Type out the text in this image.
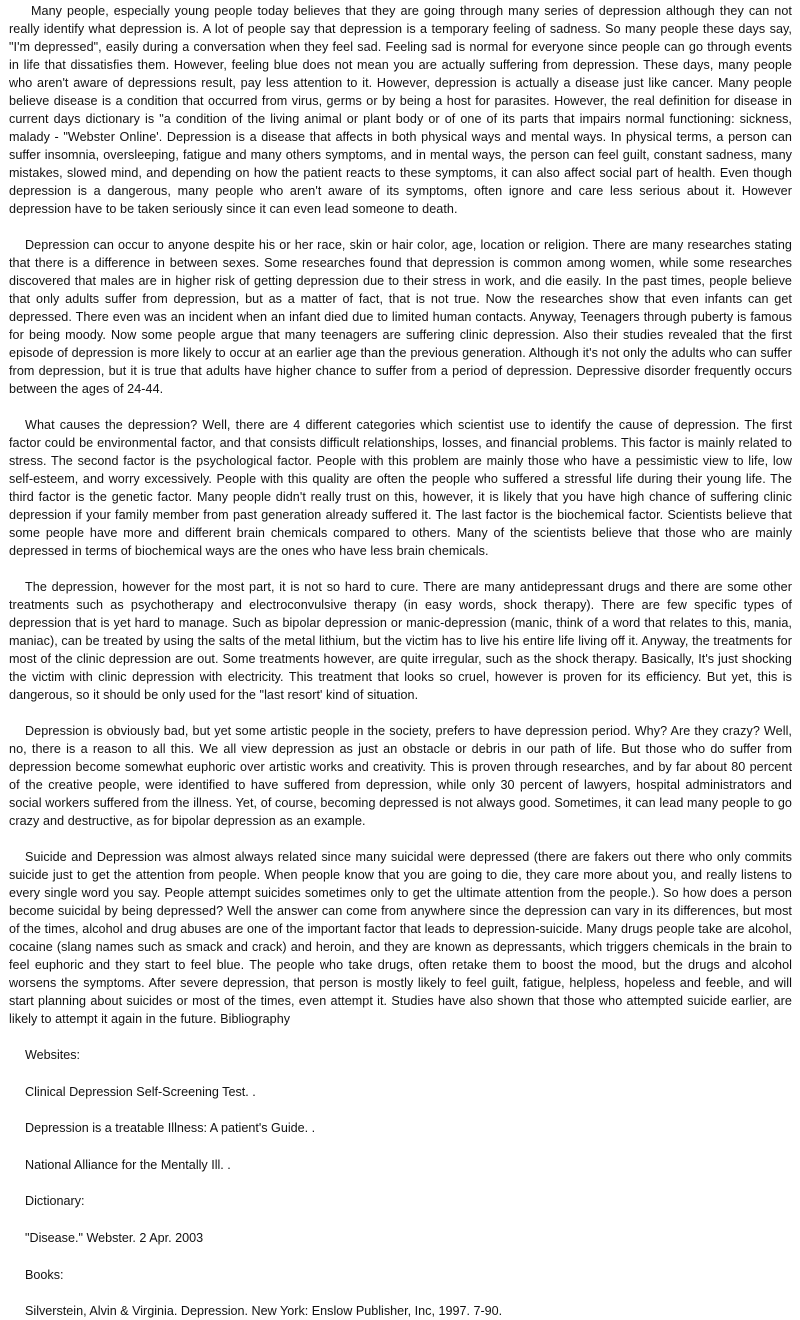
Many people, especially young people today believes that they are going through many series of depression although they can not really identify what depression is. A lot of people say that depression is a temporary feeling of sadness. So many people these days say, "I'm depressed", easily during a conversation when they feel sad. Feeling sad is normal for everyone since people can go through events in life that dissatisfies them. However, feeling blue does not mean you are actually suffering from depression. These days, many people who aren't aware of depressions result, pay less attention to it. However, depression is actually a disease just like cancer. Many people believe disease is a condition that occurred from virus, germs or by being a host for parasites. However, the real definition for disease in current days dictionary is "a condition of the living animal or plant body or of one of its parts that impairs normal functioning: sickness, malady - "Webster Online'. Depression is a disease that affects in both physical ways and mental ways. In physical terms, a person can suffer insomnia, oversleeping, fatigue and many others symptoms, and in mental ways, the person can feel guilt, constant sadness, many mistakes, slowed mind, and depending on how the patient reacts to these symptoms, it can also affect social part of health. Even though depression is a dangerous, many people who aren't aware of its symptoms, often ignore and care less serious about it. However depression have to be taken seriously since it can even lead someone to death.

Depression can occur to anyone despite his or her race, skin or hair color, age, location or religion. There are many researches stating that there is a difference in between sexes. Some researches found that depression is common among women, while some researches discovered that males are in higher risk of getting depression due to their stress in work, and die easily. In the past times, people believe that only adults suffer from depression, but as a matter of fact, that is not true. Now the researches show that even infants can get depressed. There even was an incident when an infant died due to limited human contacts. Anyway, Teenagers through puberty is famous for being moody. Now some people argue that many teenagers are suffering clinic depression. Also their studies revealed that the first episode of depression is more likely to occur at an earlier age than the previous generation. Although it's not only the adults who can suffer from depression, but it is true that adults have higher chance to suffer from a period of depression. Depressive disorder frequently occurs between the ages of 24-44.

What causes the depression? Well, there are 4 different categories which scientist use to identify the cause of depression. The first factor could be environmental factor, and that consists difficult relationships, losses, and financial problems. This factor is mainly related to stress. The second factor is the psychological factor. People with this problem are mainly those who have a pessimistic view to life, low self-esteem, and worry excessively. People with this quality are often the people who suffered a stressful life during their young life. The third factor is the genetic factor. Many people didn't really trust on this, however, it is likely that you have high chance of suffering clinic depression if your family member from past generation already suffered it. The last factor is the biochemical factor. Scientists believe that some people have more and different brain chemicals compared to others. Many of the scientists believe that those who are mainly depressed in terms of biochemical ways are the ones who have less brain chemicals.

The depression, however for the most part, it is not so hard to cure. There are many antidepressant drugs and there are some other treatments such as psychotherapy and electroconvulsive therapy (in easy words, shock therapy). There are few specific types of depression that is yet hard to manage. Such as bipolar depression or manic-depression (manic, think of a word that relates to this, mania, maniac), can be treated by using the salts of the metal lithium, but the victim has to live his entire life living off it. Anyway, the treatments for most of the clinic depression are out. Some treatments however, are quite irregular, such as the shock therapy. Basically, It's just shocking the victim with clinic depression with electricity. This treatment that looks so cruel, however is proven for its efficiency. But yet, this is dangerous, so it should be only used for the "last resort' kind of situation.

Depression is obviously bad, but yet some artistic people in the society, prefers to have depression period. Why? Are they crazy? Well, no, there is a reason to all this. We all view depression as just an obstacle or debris in our path of life. But those who do suffer from depression become somewhat euphoric over artistic works and creativity. This is proven through researches, and by far about 80 percent of the creative people, were identified to have suffered from depression, while only 30 percent of lawyers, hospital administrators and social workers suffered from the illness. Yet, of course, becoming depressed is not always good. Sometimes, it can lead many people to go crazy and destructive, as for bipolar depression as an example.

Suicide and Depression was almost always related since many suicidal were depressed (there are fakers out there who only commits suicide just to get the attention from people. When people know that you are going to die, they care more about you, and really listens to every single word you say. People attempt suicides sometimes only to get the ultimate attention from the people.). So how does a person become suicidal by being depressed? Well the answer can come from anywhere since the depression can vary in its differences, but most of the times, alcohol and drug abuses are one of the important factor that leads to depression-suicide. Many drugs people take are alcohol, cocaine (slang names such as smack and crack) and heroin, and they are known as depressants, which triggers chemicals in the brain to feel euphoric and they start to feel blue. The people who take drugs, often retake them to boost the mood, but the drugs and alcohol worsens the symptoms. After severe depression, that person is mostly likely to feel guilt, fatigue, helpless, hopeless and feeble, and will start planning about suicides or most of the times, even attempt it. Studies have also shown that those who attempted suicide earlier, are likely to attempt it again in the future. Bibliography

Websites:
Clinical Depression Self-Screening Test. .
Depression is a treatable Illness: A patient's Guide. .
National Alliance for the Mentally Ill. .
Dictionary:
"Disease." Webster. 2 Apr. 2003
Books:
Silverstein, Alvin & Virginia. Depression. New York: Enslow Publisher, Inc, 1997. 7-90.
